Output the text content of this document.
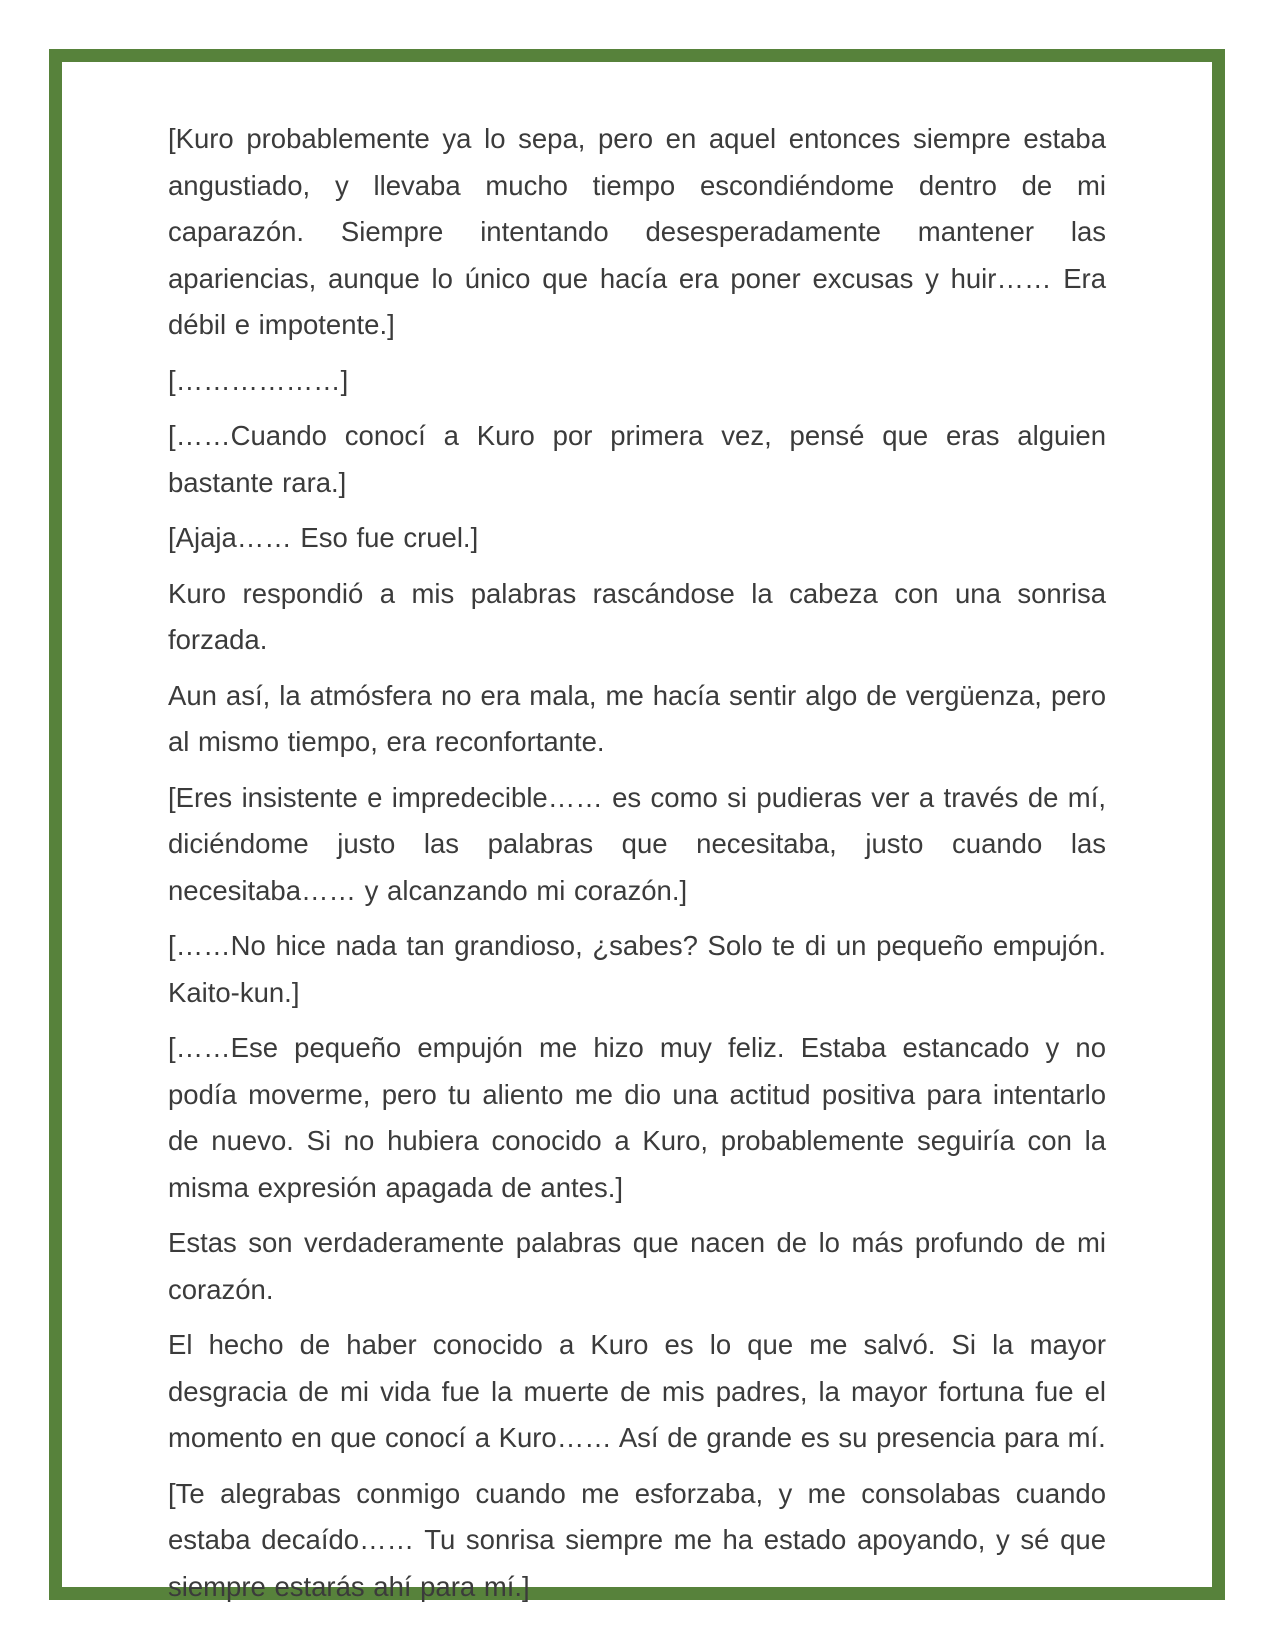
[Kuro probablemente ya lo sepa, pero en aquel entonces siempre estaba angustiado, y llevaba mucho tiempo escondiéndome dentro de mi caparazón. Siempre intentando desesperadamente mantener las apariencias, aunque lo único que hacía era poner excusas y huir…… Era débil e impotente.]

[………………]

[……Cuando conocí a Kuro por primera vez, pensé que eras alguien bastante rara.]

[Ajaja…… Eso fue cruel.]

Kuro respondió a mis palabras rascándose la cabeza con una sonrisa forzada.

Aun así, la atmósfera no era mala, me hacía sentir algo de vergüenza, pero al mismo tiempo, era reconfortante.

[Eres insistente e impredecible…… es como si pudieras ver a través de mí, diciéndome justo las palabras que necesitaba, justo cuando las necesitaba…… y alcanzando mi corazón.]

[……No hice nada tan grandioso, ¿sabes? Solo te di un pequeño empujón. Kaito-kun.]

[……Ese pequeño empujón me hizo muy feliz. Estaba estancado y no podía moverme, pero tu aliento me dio una actitud positiva para intentarlo de nuevo. Si no hubiera conocido a Kuro, probablemente seguiría con la misma expresión apagada de antes.]

Estas son verdaderamente palabras que nacen de lo más profundo de mi corazón.

El hecho de haber conocido a Kuro es lo que me salvó. Si la mayor desgracia de mi vida fue la muerte de mis padres, la mayor fortuna fue el momento en que conocí a Kuro…… Así de grande es su presencia para mí.

[Te alegrabas conmigo cuando me esforzaba, y me consolabas cuando estaba decaído…… Tu sonrisa siempre me ha estado apoyando, y sé que siempre estarás ahí para mí.]
